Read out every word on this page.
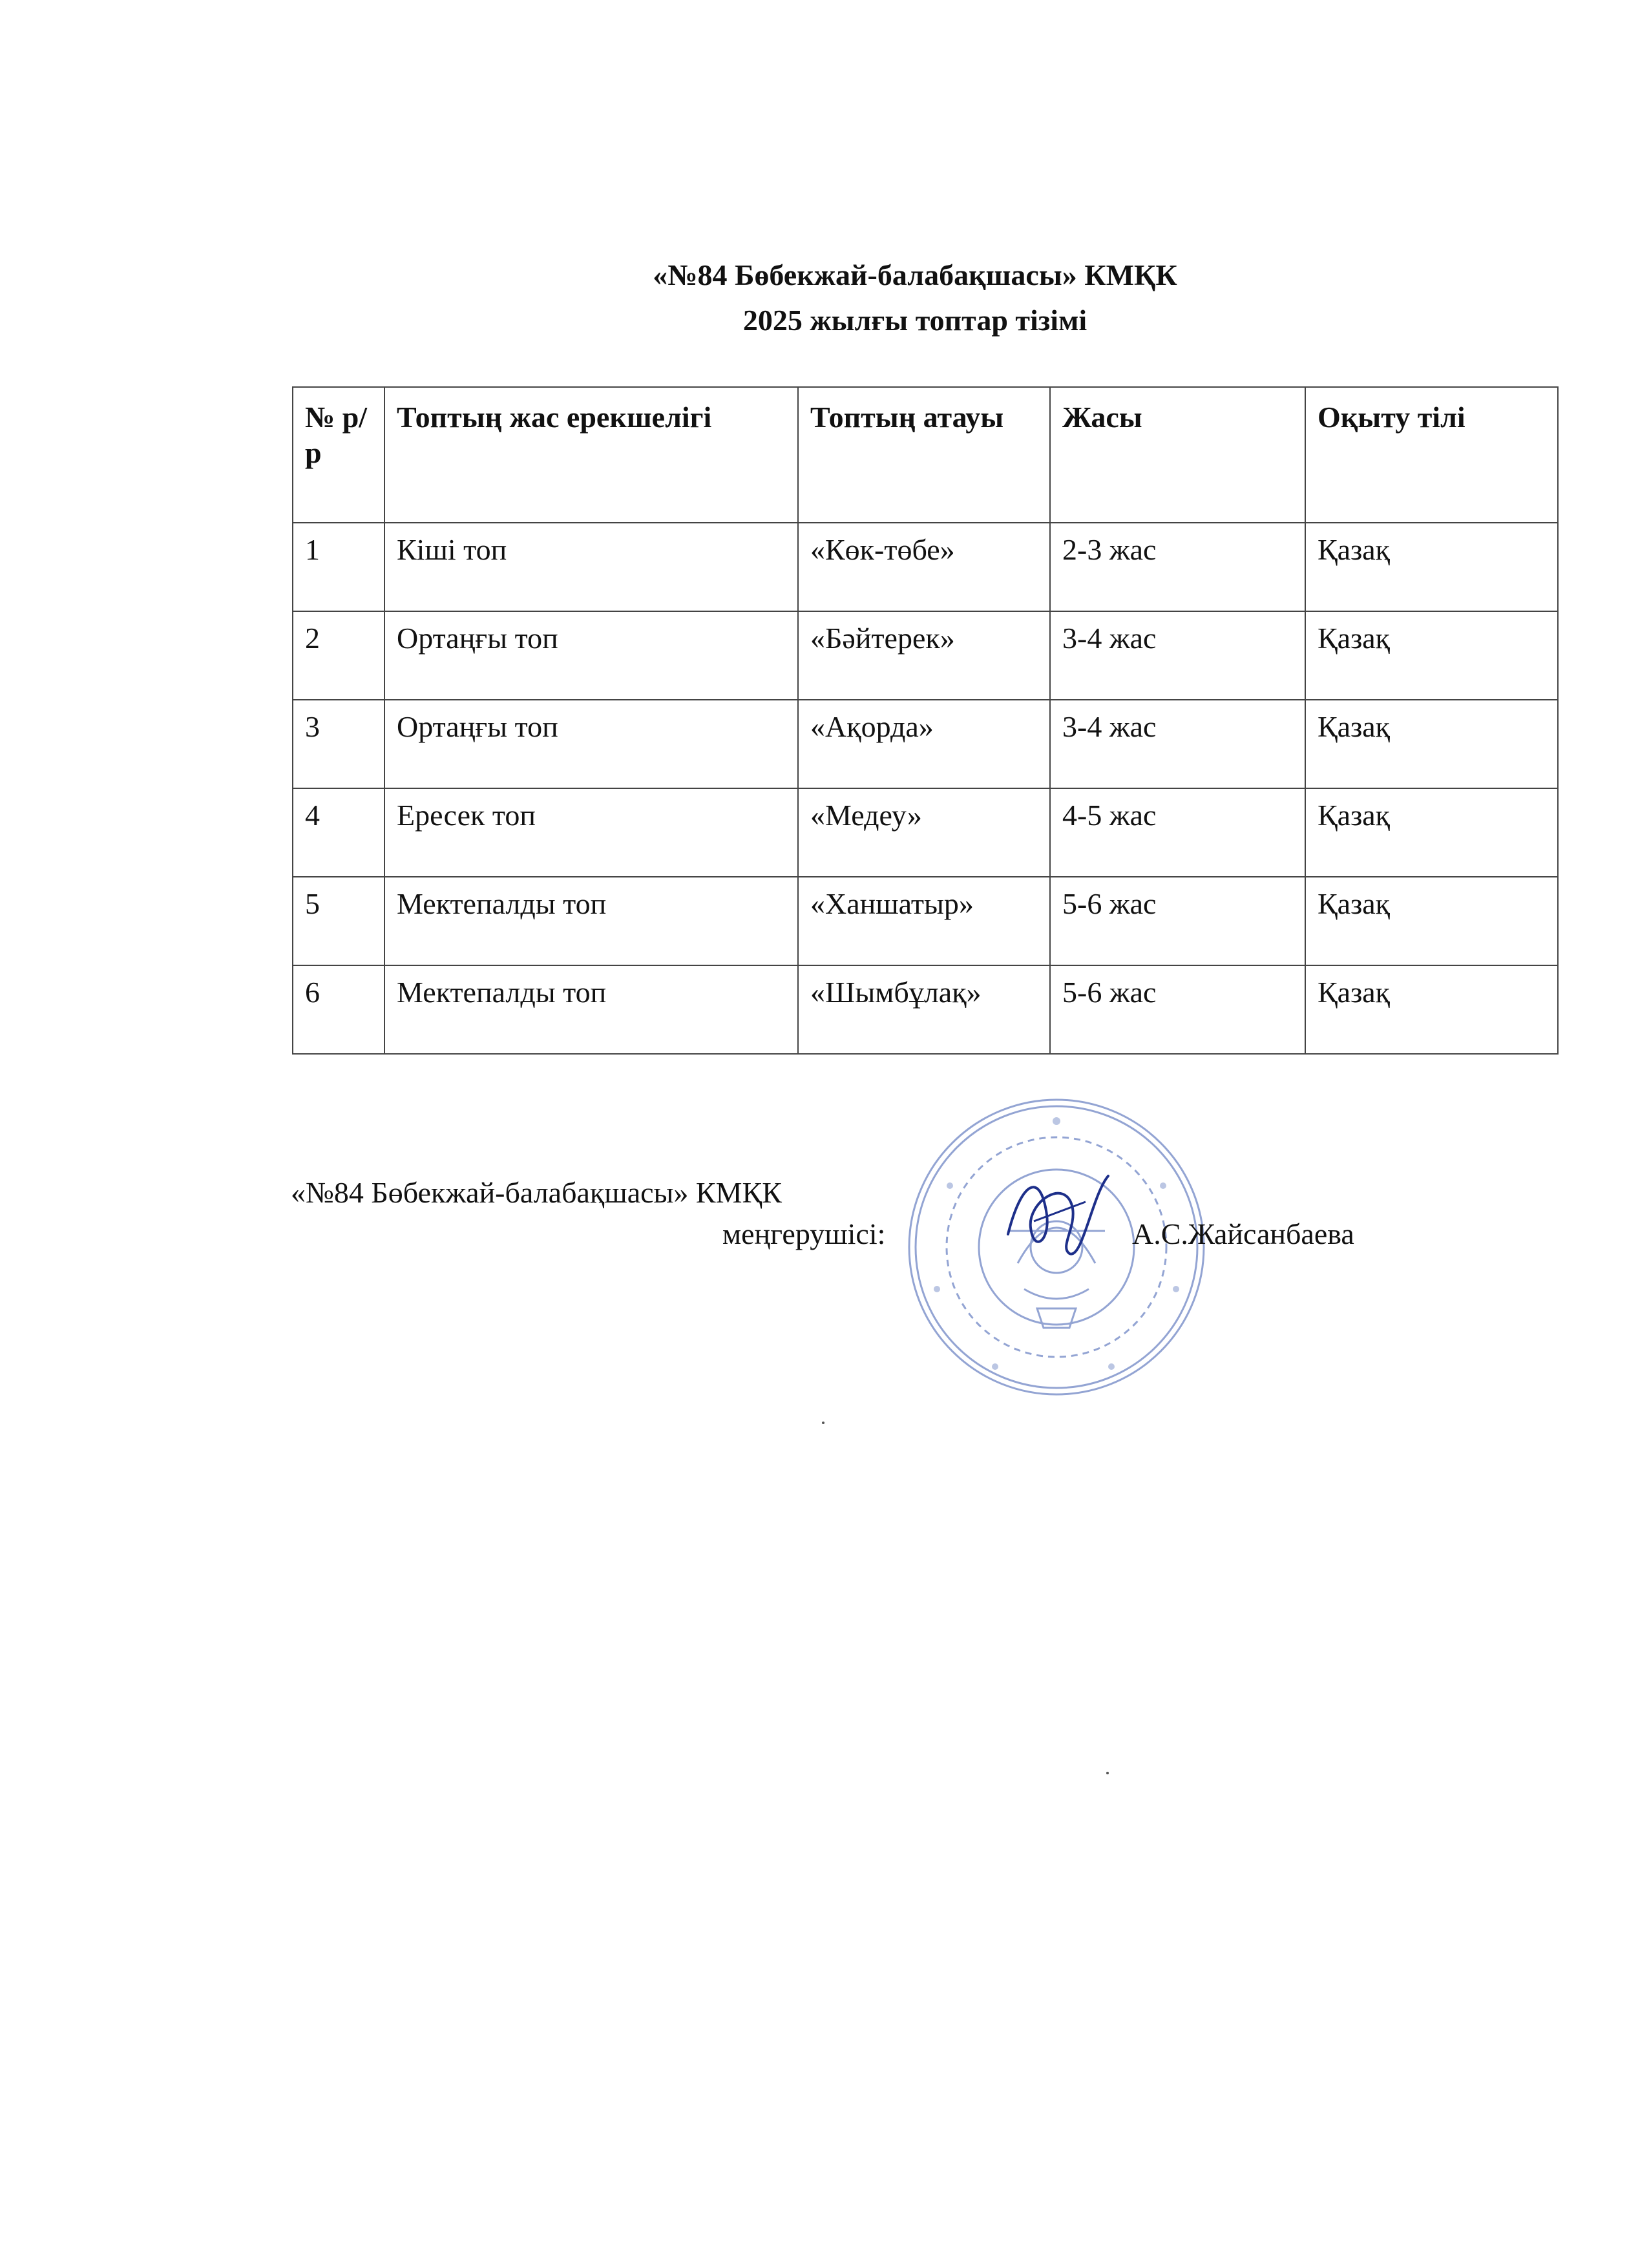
«№84 Бөбекжай-балабақшасы» КМҚК
2025 жылғы топтар тізімі
№ р/р	Топтың жас ерекшелігі	Топтың атауы	Жасы	Оқыту тілі
1	Кіші топ	«Көк-төбе»	2-3 жас	Қазақ
2	Ортаңғы топ	«Бәйтерек»	3-4 жас	Қазақ
3	Ортаңғы топ	«Ақорда»	3-4 жас	Қазақ
4	Ересек топ	«Медеу»	4-5 жас	Қазақ
5	Мектепалды топ	«Ханшатыр»	5-6 жас	Қазақ
6	Мектепалды топ	«Шымбұлақ»	5-6 жас	Қазақ
«№84 Бөбекжай-балабақшасы» КМҚК
меңгерушісі:	А.С.Жайсанбаева
